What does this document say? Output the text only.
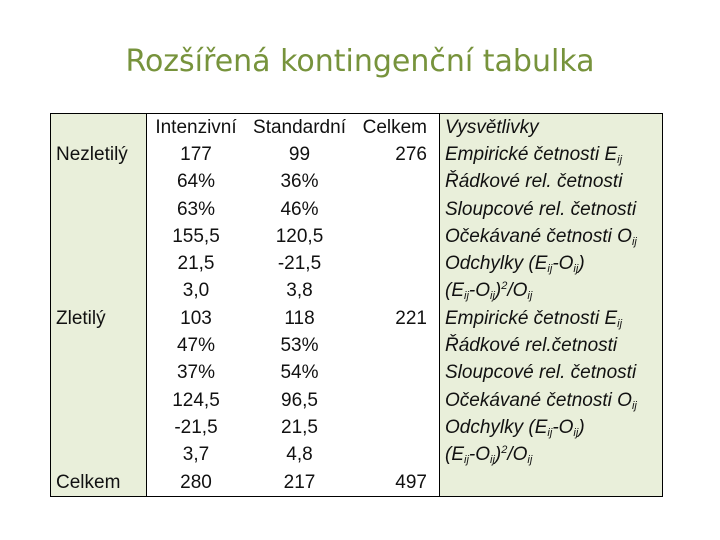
Rozšířená kontingenční tabulka
	Intenzivní	Standardní	Celkem	Vysvětlivky
Nezletilý	177	99	276	Empirické četnosti $E_{ij}$
	64%	36%		Řádkové rel. četnosti
	63%	46%		Sloupcové rel. četnosti
	155,5	120,5		Očekávané četnosti $O_{ij}$
	21,5	-21,5		Odchylky $(E_{ij}-O_{ij})$
	3,0	3,8		$(E_{ij}-O_{ij})^2/O_{ij}$
Zletilý	103	118	221	Empirické četnosti $E_{ij}$
	47%	53%		Řádkové rel.četnosti
	37%	54%		Sloupcové rel. četnosti
	124,5	96,5		Očekávané četnosti $O_{ij}$
	-21,5	21,5		Odchylky $(E_{ij}-O_{ij})$
	3,7	4,8		$(E_{ij}-O_{ij})^2/O_{ij}$
Celkem	280	217	497	
